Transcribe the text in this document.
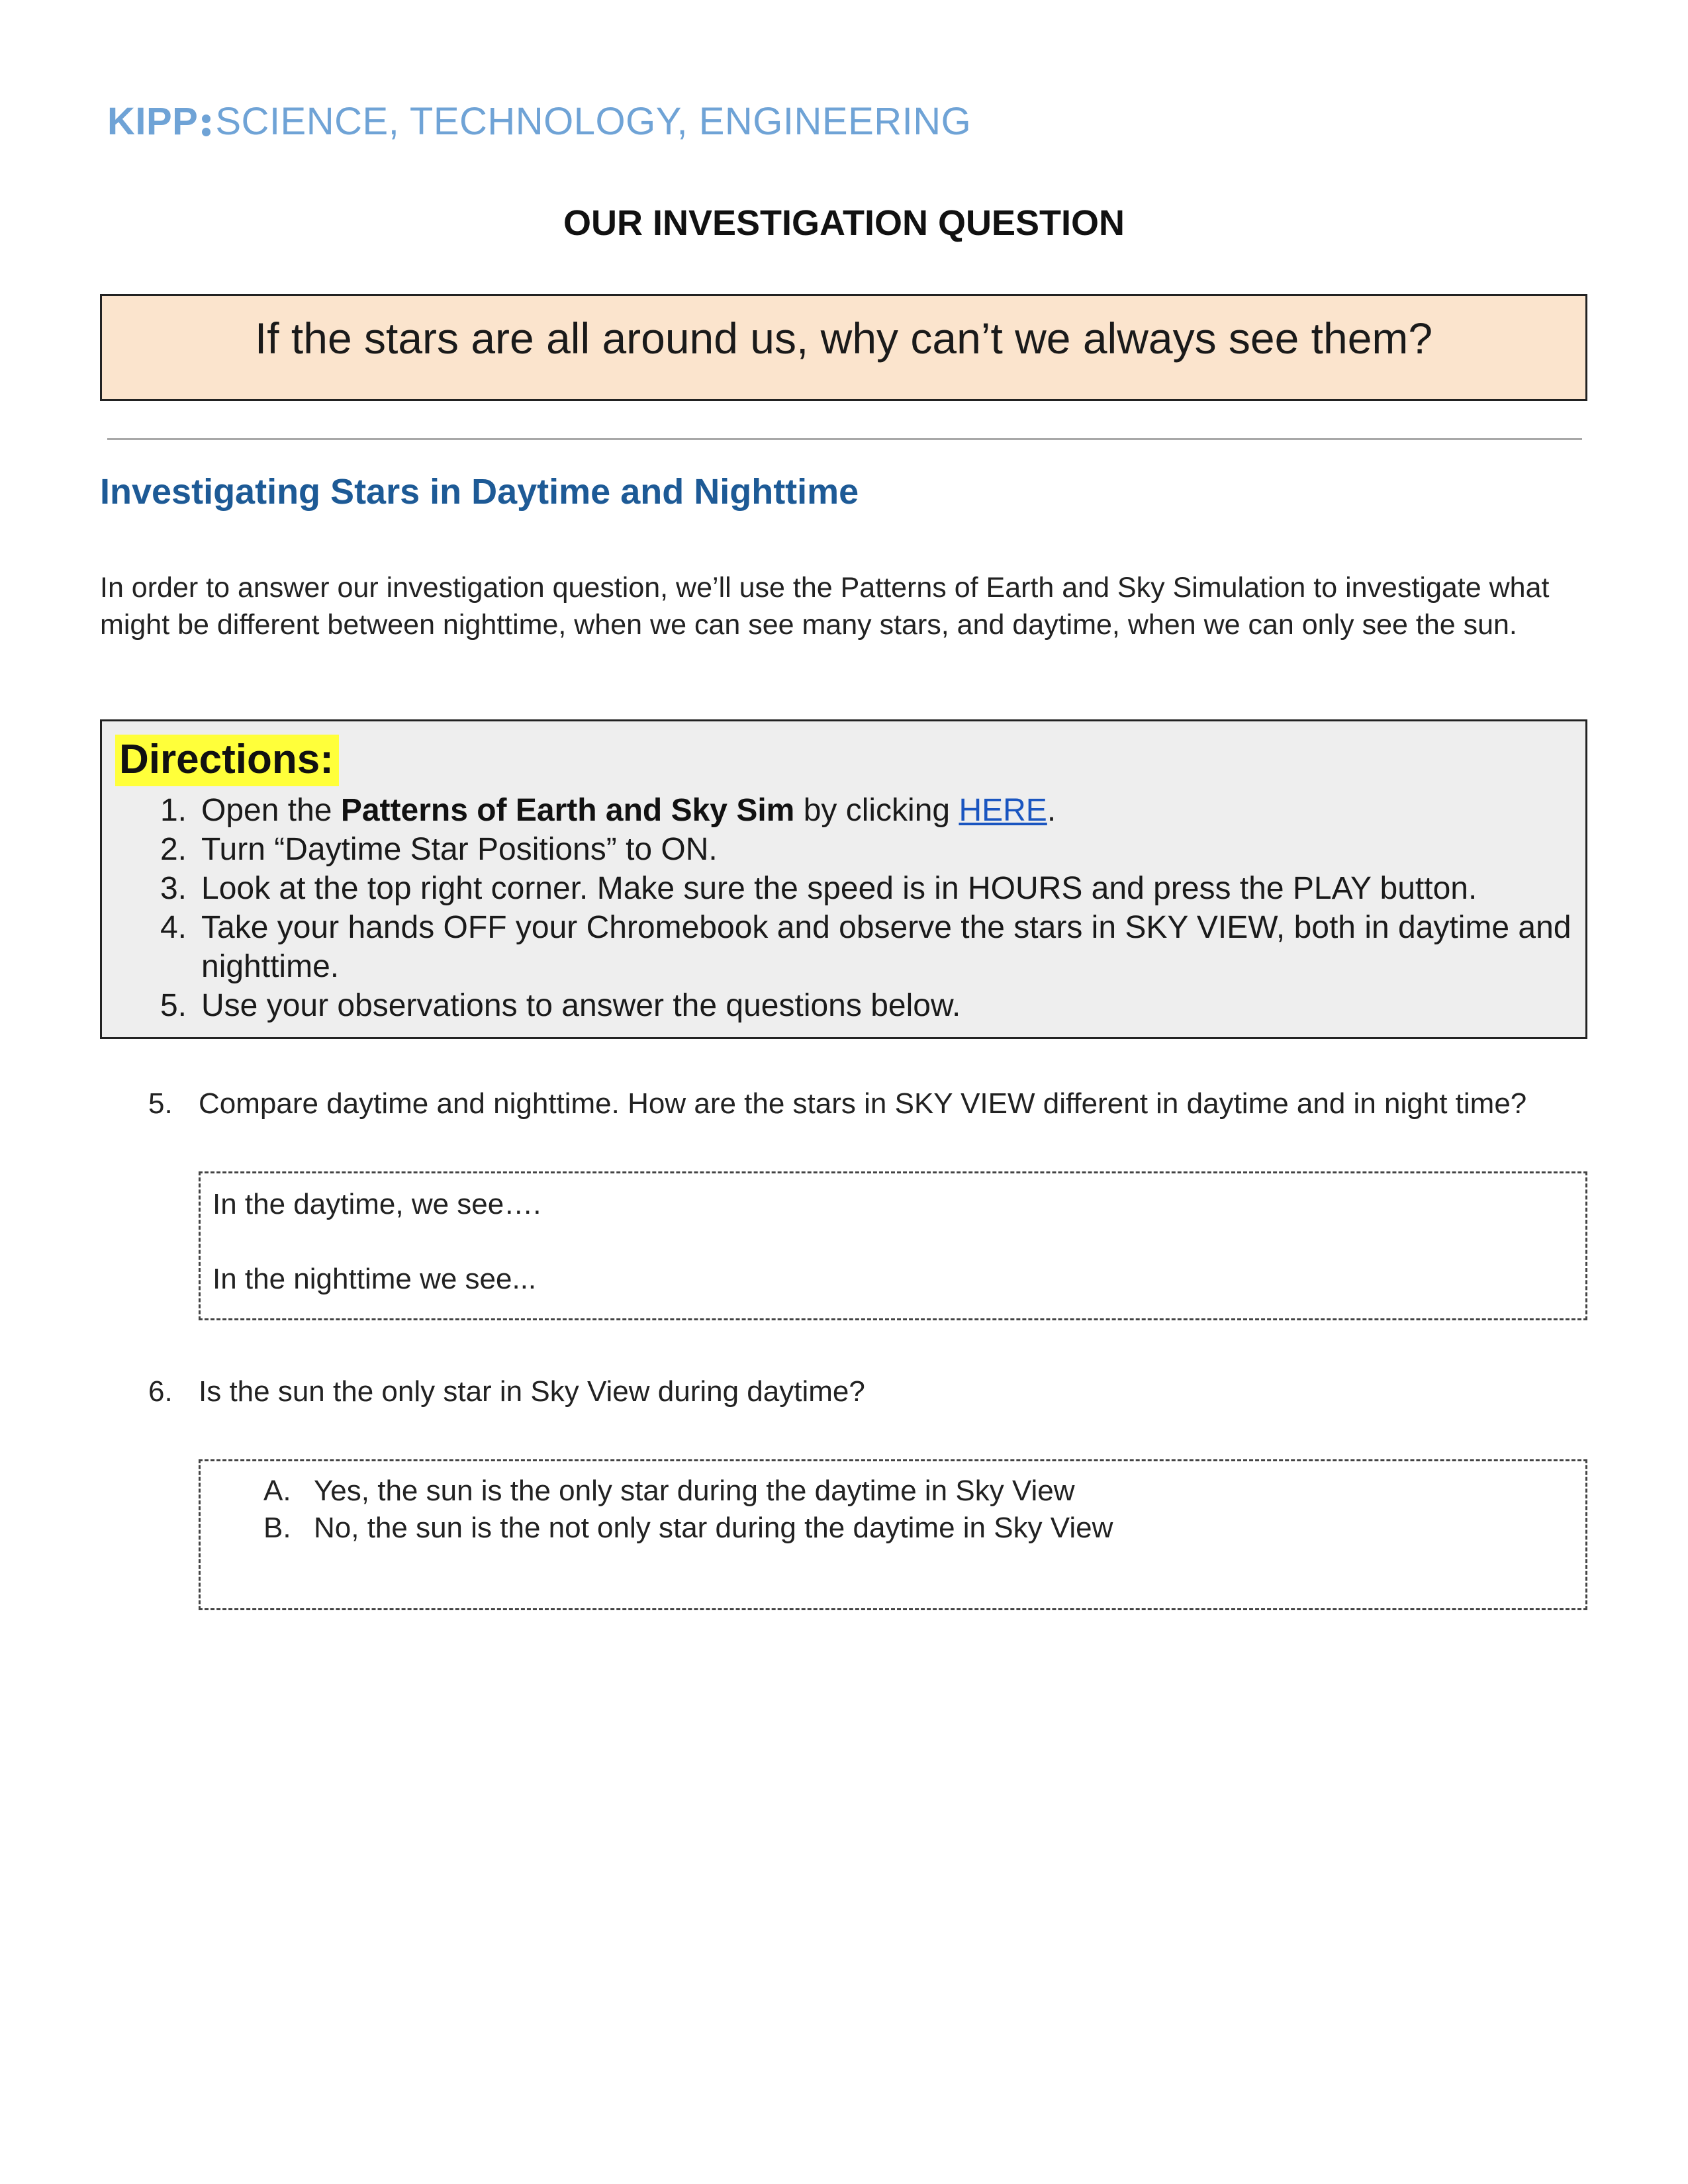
KIPP SCIENCE, TECHNOLOGY, ENGINEERING
OUR INVESTIGATION QUESTION
If the stars are all around us, why can’t we always see them?
Investigating Stars in Daytime and Nighttime
In order to answer our investigation question, we’ll use the Patterns of Earth and Sky Simulation to investigate what might be different between nighttime, when we can see many stars, and daytime, when we can only see the sun.
Directions:
1. Open the Patterns of Earth and Sky Sim by clicking HERE.
2. Turn “Daytime Star Positions” to ON.
3. Look at the top right corner. Make sure the speed is in HOURS and press the PLAY button.
4. Take your hands OFF your Chromebook and observe the stars in SKY VIEW, both in daytime and nighttime.
5. Use your observations to answer the questions below.
5. Compare daytime and nighttime. How are the stars in SKY VIEW different in daytime and in night time?
In the daytime, we see….
In the nighttime we see...
6. Is the sun the only star in Sky View during daytime?
A. Yes, the sun is the only star during the daytime in Sky View
B. No, the sun is the not only star during the daytime in Sky View
